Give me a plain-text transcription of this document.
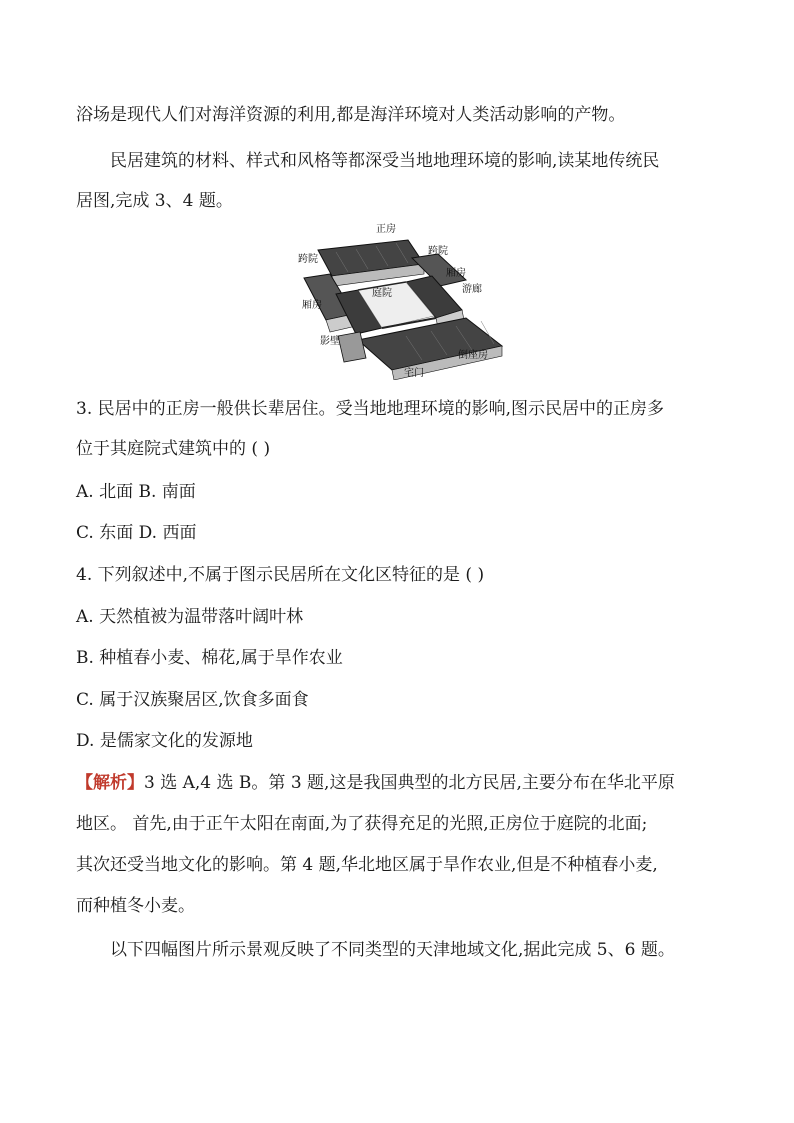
浴场是现代人们对海洋资源的利用,都是海洋环境对人类活动影响的产物。
民居建筑的材料、样式和风格等都深受当地地理环境的影响,读某地传统民
居图,完成 3、4 题。
正房
跨院
厢房
游廊
跨院
庭院
厢房
影壁
倒座房
宅门
3. 民居中的正房一般供长辈居住。受当地地理环境的影响,图示民居中的正房多
位于其庭院式建筑中的 ( )
A. 北面 B. 南面
C. 东面 D. 西面
4. 下列叙述中,不属于图示民居所在文化区特征的是 ( )
A. 天然植被为温带落叶阔叶林
B. 种植春小麦、棉花,属于旱作农业
C. 属于汉族聚居区,饮食多面食
D. 是儒家文化的发源地
【解析】3 选 A,4 选 B。第 3 题,这是我国典型的北方民居,主要分布在华北平原
地区。 首先,由于正午太阳在南面,为了获得充足的光照,正房位于庭院的北面;
其次还受当地文化的影响。第 4 题,华北地区属于旱作农业,但是不种植春小麦,
而种植冬小麦。
以下四幅图片所示景观反映了不同类型的天津地域文化,据此完成 5、6 题。
